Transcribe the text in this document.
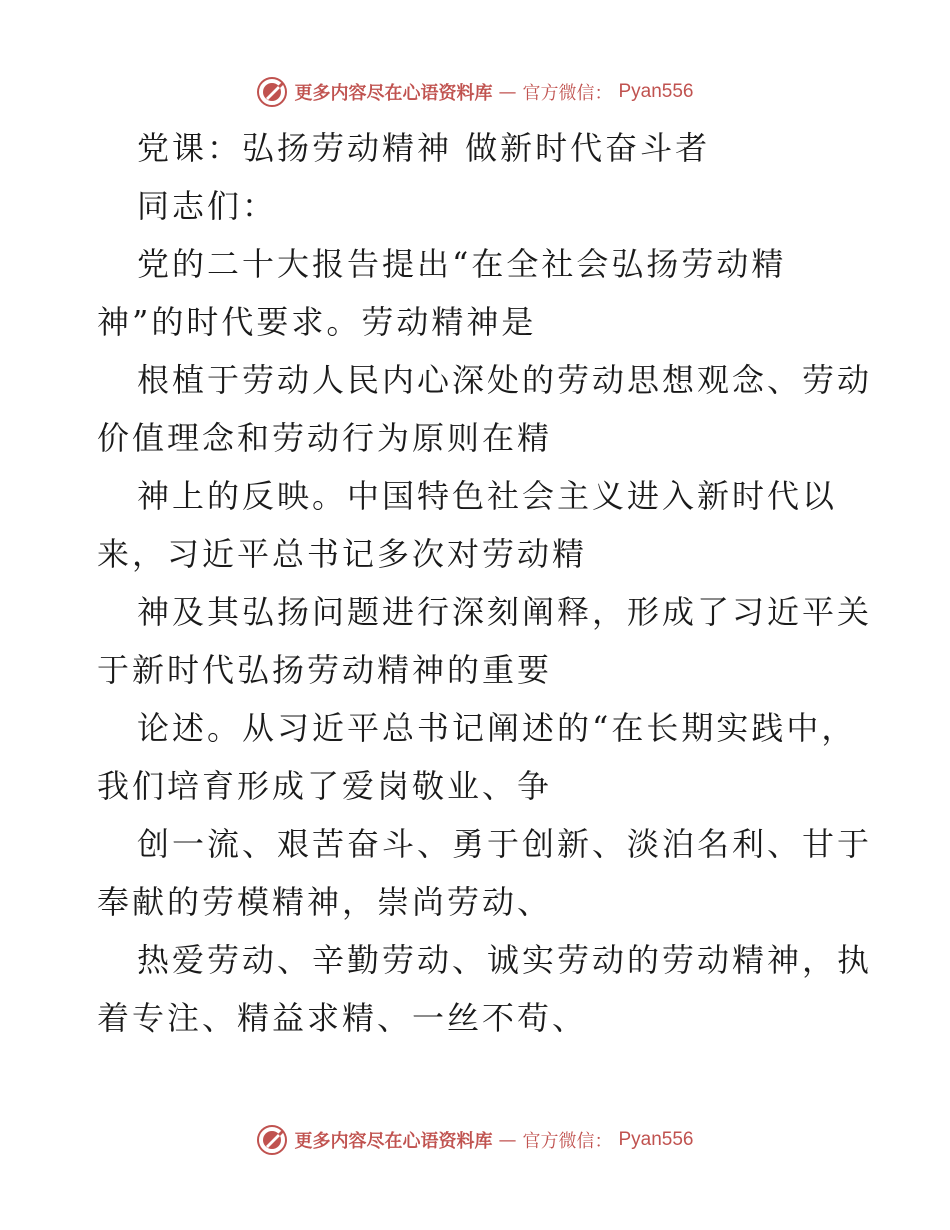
更多内容尽在心语资料库 — 官方微信： Pyan556
党课：弘扬劳动精神 做新时代奋斗者
同志们：
党的二十大报告提出“在全社会弘扬劳动精
神”的时代要求。劳动精神是
根植于劳动人民内心深处的劳动思想观念、劳动
价值理念和劳动行为原则在精
神上的反映。中国特色社会主义进入新时代以
来，习近平总书记多次对劳动精
神及其弘扬问题进行深刻阐释，形成了习近平关
于新时代弘扬劳动精神的重要
论述。从习近平总书记阐述的“在长期实践中，
我们培育形成了爱岗敬业、争
创一流、艰苦奋斗、勇于创新、淡泊名利、甘于
奉献的劳模精神，崇尚劳动、
热爱劳动、辛勤劳动、诚实劳动的劳动精神，执
着专注、精益求精、一丝不苟、
更多内容尽在心语资料库 — 官方微信： Pyan556
